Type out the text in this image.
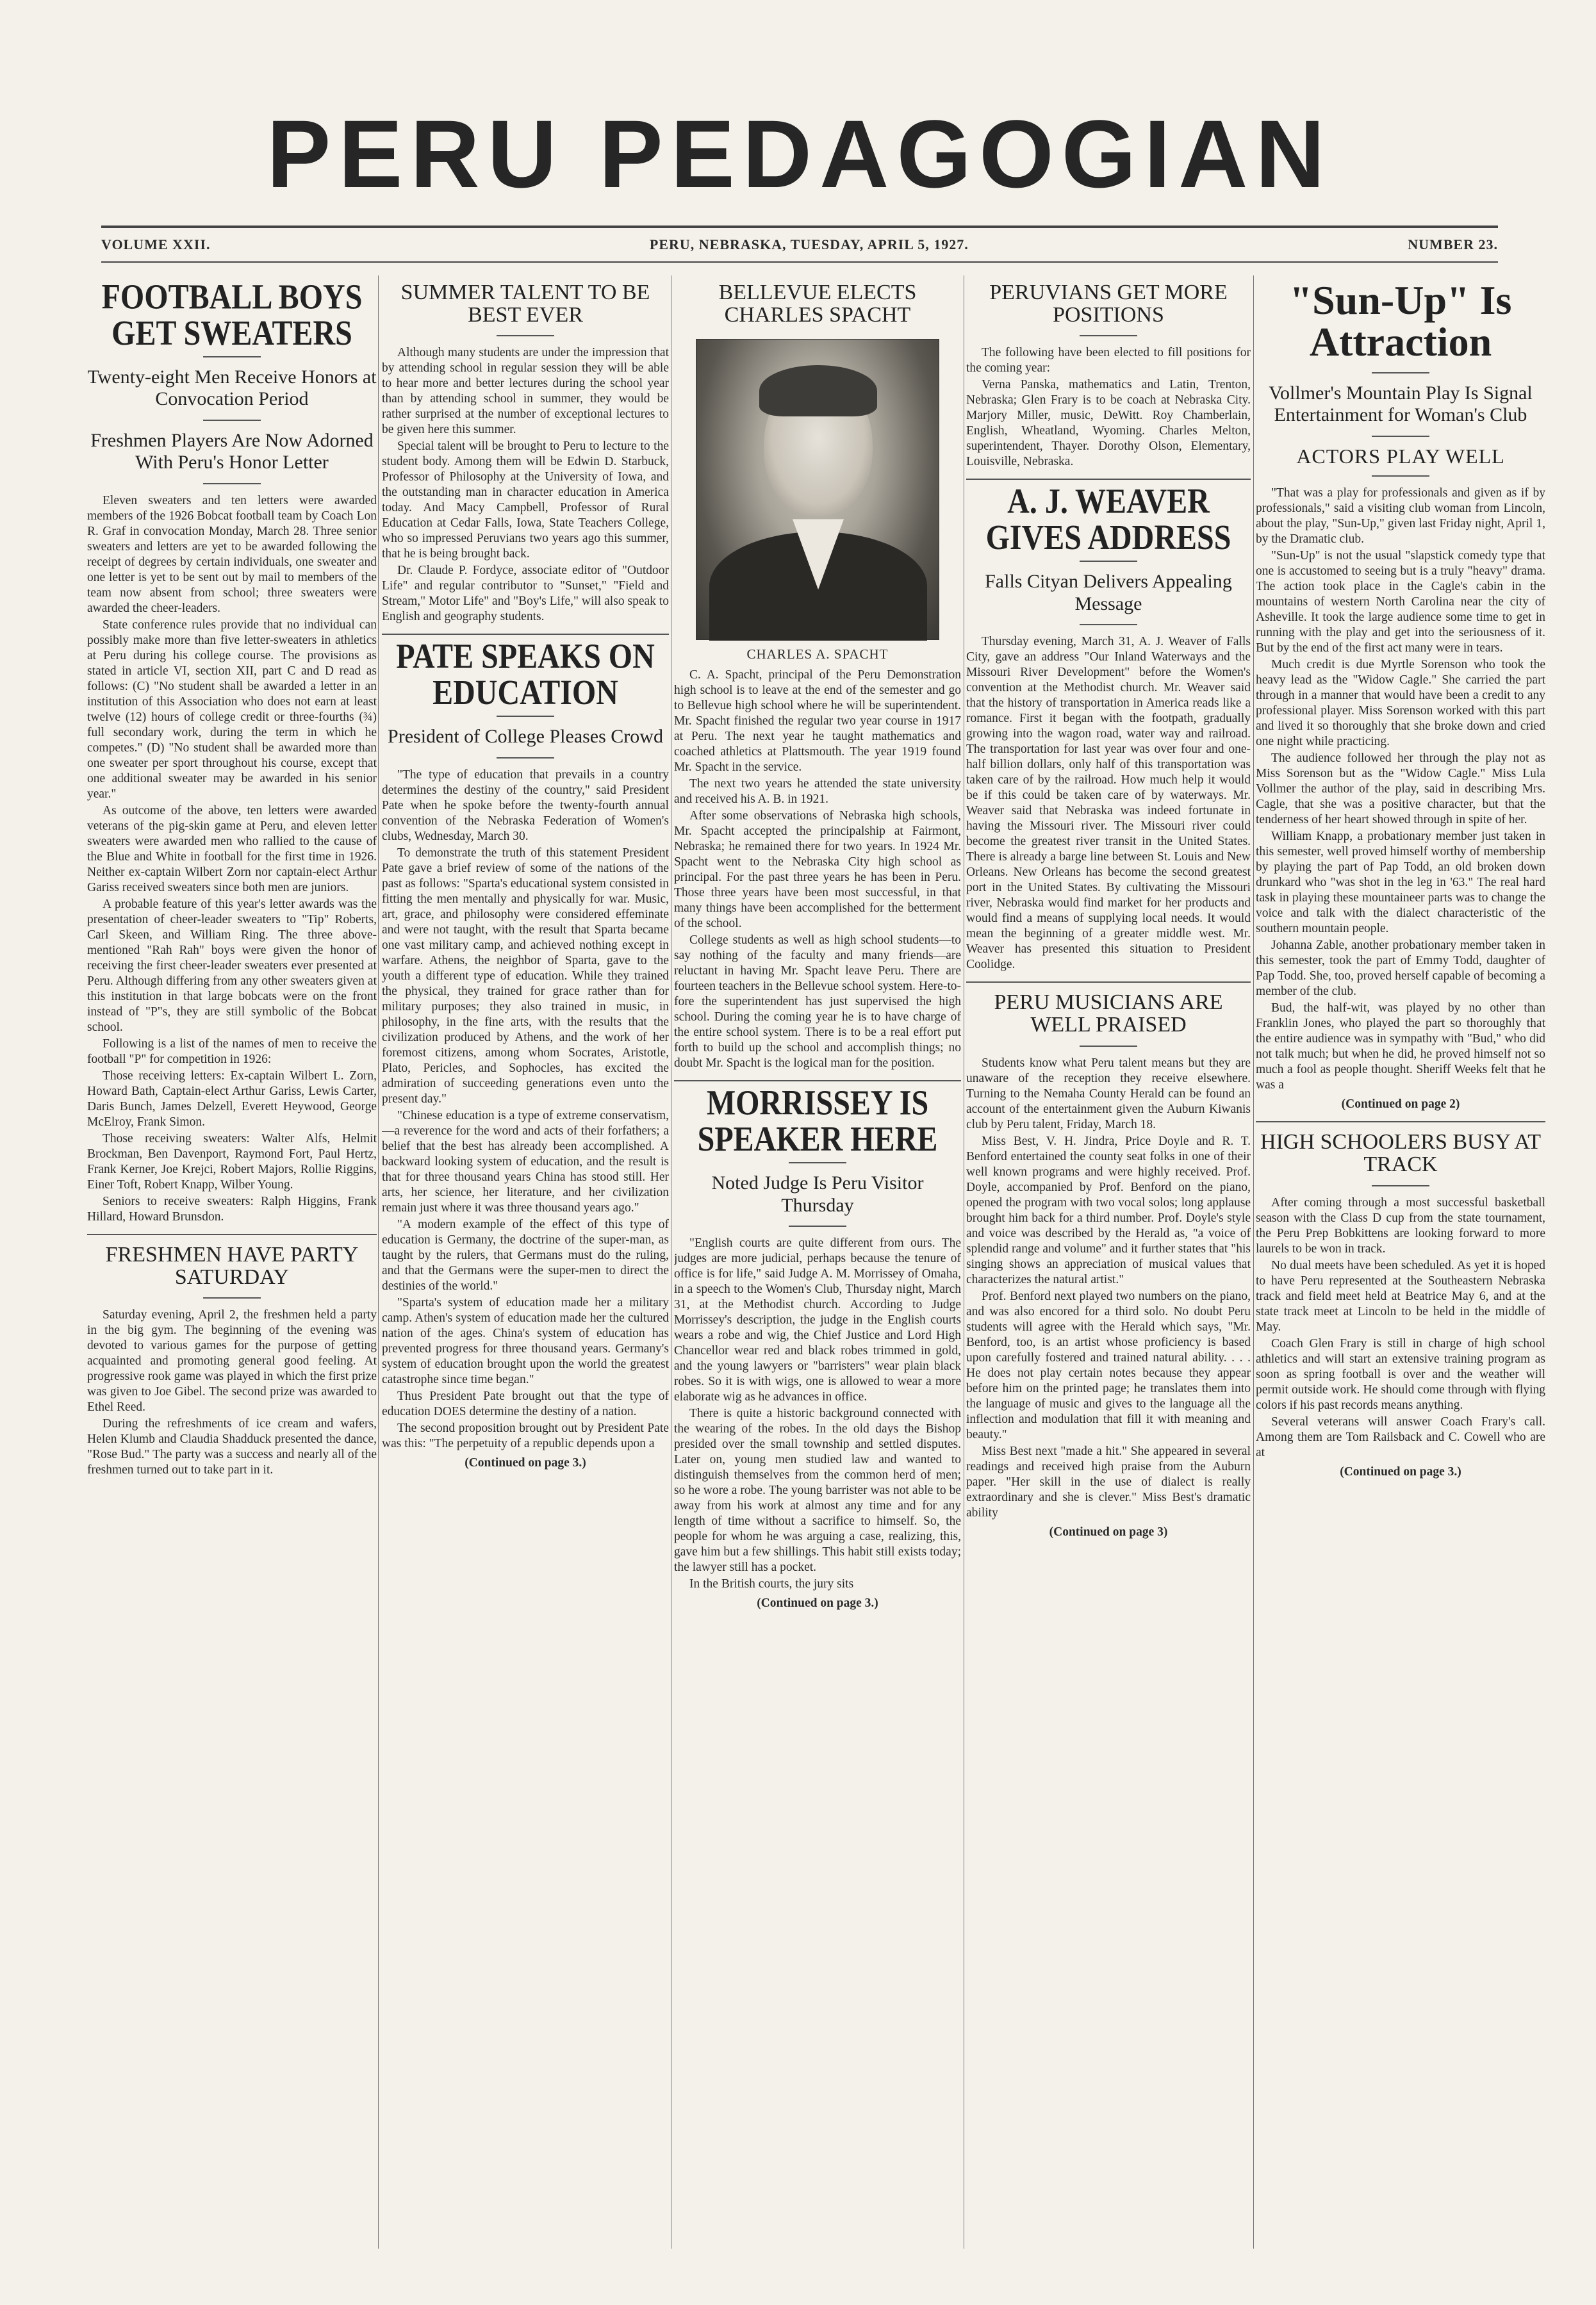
PERU PEDAGOGIAN
VOLUME XXII.	PERU, NEBRASKA, TUESDAY, APRIL 5, 1927.	NUMBER 23.
FOOTBALL BOYS GET SWEATERS
Twenty-eight Men Receive Honors at Convocation Period
Freshmen Players Are Now Adorned With Peru's Honor Letter

Eleven sweaters and ten letters were awarded members of the 1926 Bobcat football team by Coach Lon R. Graf in convocation Monday, March 28. Three senior sweaters and letters are yet to be awarded following the receipt of degrees by certain individuals, one sweater and one letter is yet to be sent out by mail to members of the team now absent from school; three sweaters were awarded the cheer-leaders.

State conference rules provide that no individual can possibly make more than five letter-sweaters in athletics at Peru during his college course. The provisions as stated in article VI, section XII, part C and D read as follows: (C) "No student shall be awarded a letter in an institution of this Association who does not earn at least twelve (12) hours of college credit or three-fourths (¾) full secondary work, during the term in which he competes." (D) "No student shall be awarded more than one sweater per sport throughout his course, except that one additional sweater may be awarded in his senior year."

As outcome of the above, ten letters were awarded veterans of the pig-skin game at Peru, and eleven letter sweaters were awarded men who rallied to the cause of the Blue and White in football for the first time in 1926. Neither ex-captain Wilbert Zorn nor captain-elect Arthur Gariss received sweaters since both men are juniors.

A probable feature of this year's letter awards was the presentation of cheer-leader sweaters to "Tip" Roberts, Carl Skeen, and William Ring. The three above-mentioned "Rah Rah" boys were given the honor of receiving the first cheer-leader sweaters ever presented at Peru. Although differing from any other sweaters given at this institution in that large bobcats were on the front instead of "P"s, they are still symbolic of the Bobcat school.

Following is a list of the names of men to receive the football "P" for competition in 1926:

Those receiving letters: Ex-captain Wilbert L. Zorn, Howard Bath, Captain-elect Arthur Gariss, Lewis Carter, Daris Bunch, James Delzell, Everett Heywood, George McElroy, Frank Simon.

Those receiving sweaters: Walter Alfs, Helmit Brockman, Ben Davenport, Raymond Fort, Paul Hertz, Frank Kerner, Joe Krejci, Robert Majors, Rollie Riggins, Einer Toft, Robert Knapp, Wilber Young.

Seniors to receive sweaters: Ralph Higgins, Frank Hillard, Howard Brunsdon.

FRESHMEN HAVE PARTY SATURDAY

Saturday evening, April 2, the freshmen held a party in the big gym. The beginning of the evening was devoted to various games for the purpose of getting acquainted and promoting general good feeling. At progressive rook game was played in which the first prize was given to Joe Gibel. The second prize was awarded to Ethel Reed.

During the refreshments of ice cream and wafers, Helen Klumb and Claudia Shadduck presented the dance, "Rose Bud." The party was a success and nearly all of the freshmen turned out to take part in it.

SUMMER TALENT TO BE BEST EVER

Although many students are under the impression that by attending school in regular session they will be able to hear more and better lectures during the school year than by attending school in summer, they would be rather surprised at the number of exceptional lectures to be given here this summer.

Special talent will be brought to Peru to lecture to the student body. Among them will be Edwin D. Starbuck, Professor of Philosophy at the University of Iowa, and the outstanding man in character education in America today. And Macy Campbell, Professor of Rural Education at Cedar Falls, Iowa, State Teachers College, who so impressed Peruvians two years ago this summer, that he is being brought back.

Dr. Claude P. Fordyce, associate editor of "Outdoor Life" and regular contributor to "Sunset," "Field and Stream," Motor Life" and "Boy's Life," will also speak to English and geography students.

PATE SPEAKS ON EDUCATION
President of College Pleases Crowd

"The type of education that prevails in a country determines the destiny of the country," said President Pate when he spoke before the twenty-fourth annual convention of the Nebraska Federation of Women's clubs, Wednesday, March 30.

To demonstrate the truth of this statement President Pate gave a brief review of some of the nations of the past as follows: "Sparta's educational system consisted in fitting the men mentally and physically for war. Music, art, grace, and philosophy were considered effeminate and were not taught, with the result that Sparta became one vast military camp, and achieved nothing except in warfare. Athens, the neighbor of Sparta, gave to the youth a different type of education. While they trained the physical, they trained for grace rather than for military purposes; they also trained in music, in philosophy, in the fine arts, with the results that the civilization produced by Athens, and the work of her foremost citizens, among whom Socrates, Aristotle, Plato, Pericles, and Sophocles, has excited the admiration of succeeding generations even unto the present day."

"Chinese education is a type of extreme conservatism,—a reverence for the word and acts of their forfathers; a belief that the best has already been accomplished. A backward looking system of education, and the result is that for three thousand years China has stood still. Her arts, her science, her literature, and her civilization remain just where it was three thousand years ago."

"A modern example of the effect of this type of education is Germany, the doctrine of the super-man, as taught by the rulers, that Germans must do the ruling, and that the Germans were the super-men to direct the destinies of the world."

"Sparta's system of education made her a military camp. Athen's system of education made her the cultured nation of the ages. China's system of education has prevented progress for three thousand years. Germany's system of education brought upon the world the greatest catastrophe since time began."

Thus President Pate brought out that the type of education DOES determine the destiny of a nation.

The second proposition brought out by President Pate was this: "The perpetuity of a republic depends upon a

(Continued on page 3.)

BELLEVUE ELECTS CHARLES SPACHT
CHARLES A. SPACHT

C. A. Spacht, principal of the Peru Demonstration high school is to leave at the end of the semester and go to Bellevue high school where he will be superintendent. Mr. Spacht finished the regular two year course in 1917 at Peru. The next year he taught mathematics and coached athletics at Plattsmouth. The year 1919 found Mr. Spacht in the service.

The next two years he attended the state university and received his A. B. in 1921.

After some observations of Nebraska high schools, Mr. Spacht accepted the principalship at Fairmont, Nebraska; he remained there for two years. In 1924 Mr. Spacht went to the Nebraska City high school as principal. For the past three years he has been in Peru. Those three years have been most successful, in that many things have been accomplished for the betterment of the school.

College students as well as high school students—to say nothing of the faculty and many friends—are reluctant in having Mr. Spacht leave Peru. There are fourteen teachers in the Bellevue school system. Here-to-fore the superintendent has just supervised the high school. During the coming year he is to have charge of the entire school system. There is to be a real effort put forth to build up the school and accomplish things; no doubt Mr. Spacht is the logical man for the position.

MORRISSEY IS SPEAKER HERE
Noted Judge Is Peru Visitor Thursday

"English courts are quite different from ours. The judges are more judicial, perhaps because the tenure of office is for life," said Judge A. M. Morrissey of Omaha, in a speech to the Women's Club, Thursday night, March 31, at the Methodist church. According to Judge Morrissey's description, the judge in the English courts wears a robe and wig, the Chief Justice and Lord High Chancellor wear red and black robes trimmed in gold, and the young lawyers or "barristers" wear plain black robes. So it is with wigs, one is allowed to wear a more elaborate wig as he advances in office.

There is quite a historic background connected with the wearing of the robes. In the old days the Bishop presided over the small township and settled disputes. Later on, young men studied law and wanted to distinguish themselves from the common herd of men; so he wore a robe. The young barrister was not able to be away from his work at almost any time and for any length of time without a sacrifice to himself. So, the people for whom he was arguing a case, realizing, this, gave him but a few shillings. This habit still exists today; the lawyer still has a pocket.

In the British courts, the jury sits

(Continued on page 3.)

PERUVIANS GET MORE POSITIONS

The following have been elected to fill positions for the coming year:

Verna Panska, mathematics and Latin, Trenton, Nebraska; Glen Frary is to be coach at Nebraska City. Marjory Miller, music, DeWitt. Roy Chamberlain, English, Wheatland, Wyoming. Charles Melton, superintendent, Thayer. Dorothy Olson, Elementary, Louisville, Nebraska.

A. J. WEAVER GIVES ADDRESS
Falls Cityan Delivers Appealing Message

Thursday evening, March 31, A. J. Weaver of Falls City, gave an address "Our Inland Waterways and the Missouri River Development" before the Women's convention at the Methodist church. Mr. Weaver said that the history of transportation in America reads like a romance. First it began with the footpath, gradually growing into the wagon road, water way and railroad. The transportation for last year was over four and one-half billion dollars, only half of this transportation was taken care of by the railroad. How much help it would be if this could be taken care of by waterways. Mr. Weaver said that Nebraska was indeed fortunate in having the Missouri river. The Missouri river could become the greatest river transit in the United States. There is already a barge line between St. Louis and New Orleans. New Orleans has become the second greatest port in the United States. By cultivating the Missouri river, Nebraska would find market for her products and would find a means of supplying local needs. It would mean the beginning of a greater middle west. Mr. Weaver has presented this situation to President Coolidge.

PERU MUSICIANS ARE WELL PRAISED

Students know what Peru talent means but they are unaware of the reception they receive elsewhere. Turning to the Nemaha County Herald can be found an account of the entertainment given the Auburn Kiwanis club by Peru talent, Friday, March 18.

Miss Best, V. H. Jindra, Price Doyle and R. T. Benford entertained the county seat folks in one of their well known programs and were highly received. Prof. Doyle, accompanied by Prof. Benford on the piano, opened the program with two vocal solos; long applause brought him back for a third number. Prof. Doyle's style and voice was described by the Herald as, "a voice of splendid range and volume" and it further states that "his singing shows an appreciation of musical values that characterizes the natural artist."

Prof. Benford next played two numbers on the piano, and was also encored for a third solo. No doubt Peru students will agree with the Herald which says, "Mr. Benford, too, is an artist whose proficiency is based upon carefully fostered and trained natural ability. . . . He does not play certain notes because they appear before him on the printed page; he translates them into the language of music and gives to the language all the inflection and modulation that fill it with meaning and beauty."

Miss Best next "made a hit." She appeared in several readings and received high praise from the Auburn paper. "Her skill in the use of dialect is really extraordinary and she is clever." Miss Best's dramatic ability

(Continued on page 3)

"Sun-Up" Is Attraction
Vollmer's Mountain Play Is Signal Entertainment for Woman's Club
ACTORS PLAY WELL

"That was a play for professionals and given as if by professionals," said a visiting club woman from Lincoln, about the play, "Sun-Up," given last Friday night, April 1, by the Dramatic club.

"Sun-Up" is not the usual "slapstick comedy type that one is accustomed to seeing but is a truly "heavy" drama. The action took place in the Cagle's cabin in the mountains of western North Carolina near the city of Asheville. It took the large audience some time to get in running with the play and get into the seriousness of it. But by the end of the first act many were in tears.

Much credit is due Myrtle Sorenson who took the heavy lead as the "Widow Cagle." She carried the part through in a manner that would have been a credit to any professional player. Miss Sorenson worked with this part and lived it so thoroughly that she broke down and cried one night while practicing.

The audience followed her through the play not as Miss Sorenson but as the "Widow Cagle." Miss Lula Vollmer the author of the play, said in describing Mrs. Cagle, that she was a positive character, but that the tenderness of her heart showed through in spite of her.

William Knapp, a probationary member just taken in this semester, well proved himself worthy of membership by playing the part of Pap Todd, an old broken down drunkard who "was shot in the leg in '63." The real hard task in playing these mountaineer parts was to change the voice and talk with the dialect characteristic of the southern mountain people.

Johanna Zable, another probationary member taken in this semester, took the part of Emmy Todd, daughter of Pap Todd. She, too, proved herself capable of becoming a member of the club.

Bud, the half-wit, was played by no other than Franklin Jones, who played the part so thoroughly that the entire audience was in sympathy with "Bud," who did not talk much; but when he did, he proved himself not so much a fool as people thought. Sheriff Weeks felt that he was a

(Continued on page 2)

HIGH SCHOOLERS BUSY AT TRACK

After coming through a most successful basketball season with the Class D cup from the state tournament, the Peru Prep Bobkittens are looking forward to more laurels to be won in track.

No dual meets have been scheduled. As yet it is hoped to have Peru represented at the Southeastern Nebraska track and field meet held at Beatrice May 6, and at the state track meet at Lincoln to be held in the middle of May.

Coach Glen Frary is still in charge of high school athletics and will start an extensive training program as soon as spring football is over and the weather will permit outside work. He should come through with flying colors if his past records means anything.

Several veterans will answer Coach Frary's call. Among them are Tom Railsback and C. Cowell who are at

(Continued on page 3.)
